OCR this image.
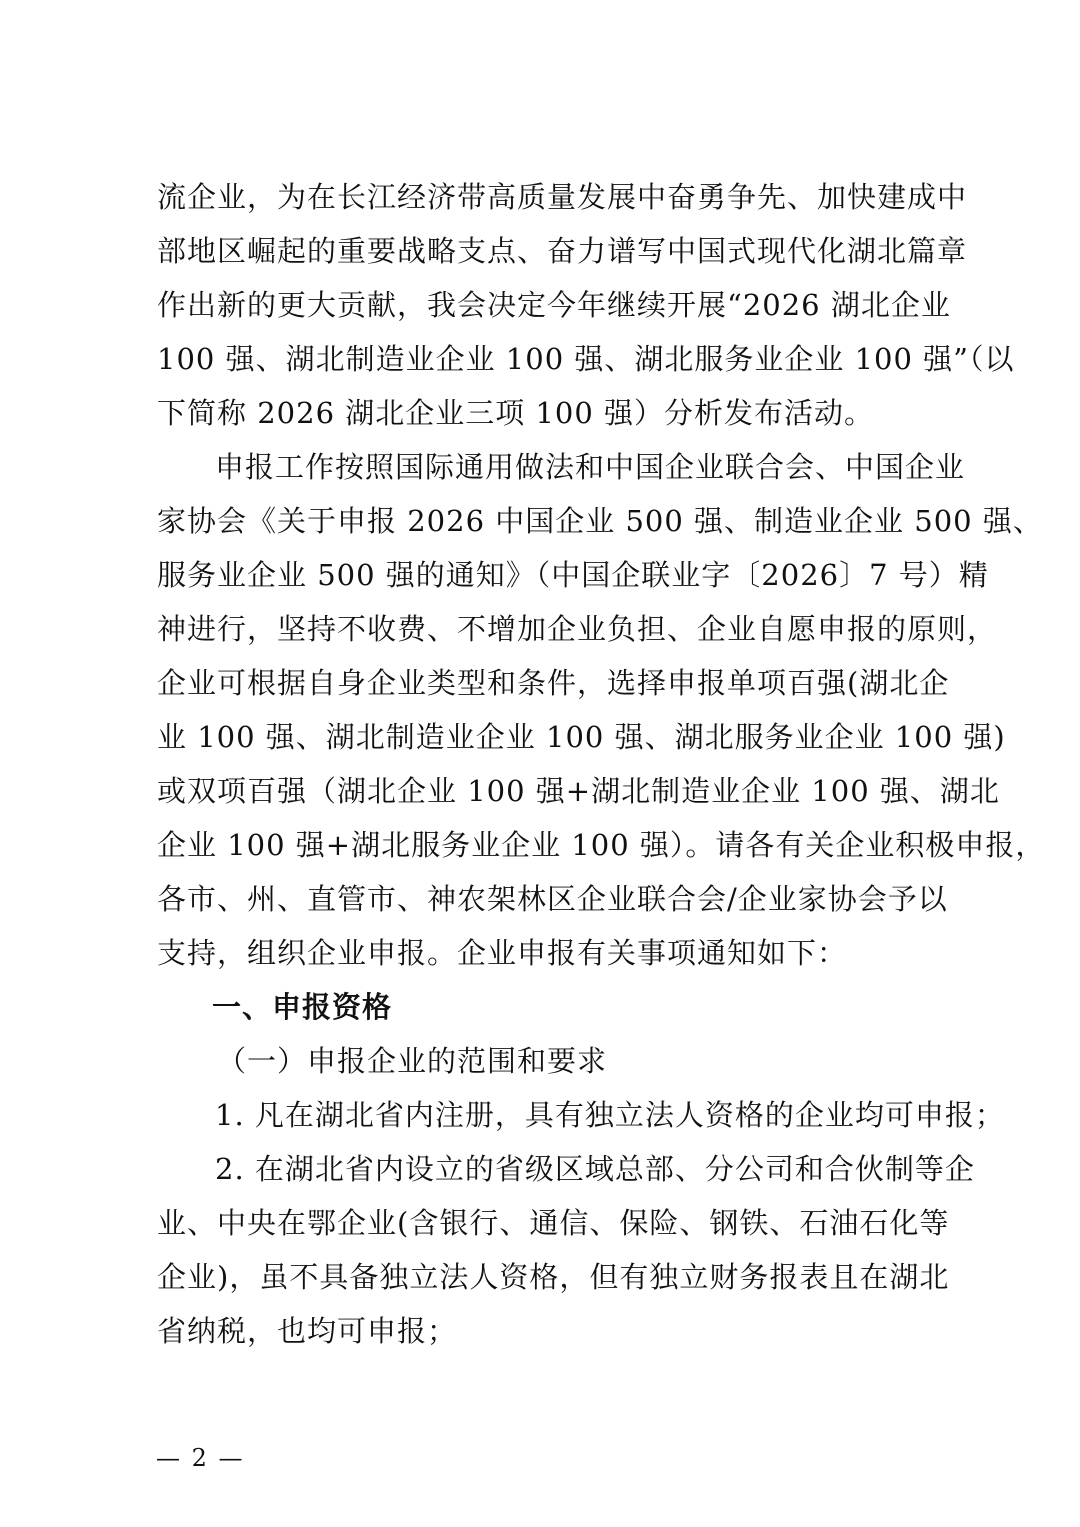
流企业，为在长江经济带高质量发展中奋勇争先、加快建成中
部地区崛起的重要战略支点、奋力谱写中国式现代化湖北篇章
作出新的更大贡献，我会决定今年继续开展“2026 湖北企业
100 强、湖北制造业企业 100 强、湖北服务业企业 100 强”（以
下简称 2026 湖北企业三项 100 强）分析发布活动。
申报工作按照国际通用做法和中国企业联合会、中国企业
家协会《关于申报 2026 中国企业 500 强、制造业企业 500 强、
服务业企业 500 强的通知》（中国企联业字〔2026〕7 号）精
神进行，坚持不收费、不增加企业负担、企业自愿申报的原则，
企业可根据自身企业类型和条件，选择申报单项百强(湖北企
业 100 强、湖北制造业企业 100 强、湖北服务业企业 100 强)
或双项百强（湖北企业 100 强+湖北制造业企业 100 强、湖北
企业 100 强+湖北服务业企业 100 强）。请各有关企业积极申报，
各市、州、直管市、神农架林区企业联合会/企业家协会予以
支持，组织企业申报。企业申报有关事项通知如下：
一、申报资格
（一）申报企业的范围和要求
1. 凡在湖北省内注册，具有独立法人资格的企业均可申报；
2. 在湖北省内设立的省级区域总部、分公司和合伙制等企
业、中央在鄂企业(含银行、通信、保险、钢铁、石油石化等
企业)，虽不具备独立法人资格，但有独立财务报表且在湖北
省纳税，也均可申报；
— 2 —
